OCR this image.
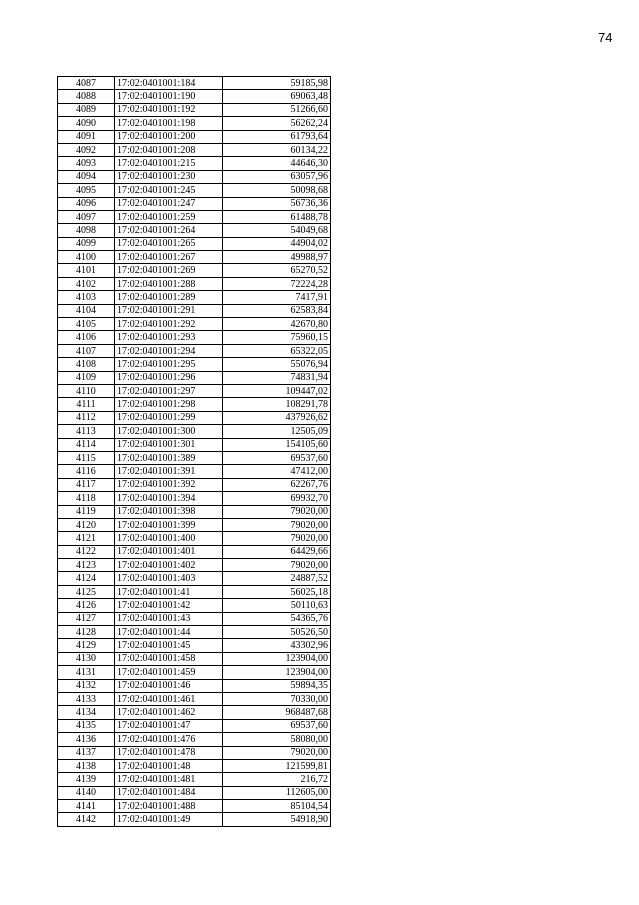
74
4087	17:02:0401001:184	59185,98
4088	17:02:0401001:190	69063,48
4089	17:02:0401001:192	51266,60
4090	17:02:0401001:198	56262,24
4091	17:02:0401001:200	61793,64
4092	17:02:0401001:208	60134,22
4093	17:02:0401001:215	44646,30
4094	17:02:0401001:230	63057,96
4095	17:02:0401001:245	50098,68
4096	17:02:0401001:247	56736,36
4097	17:02:0401001:259	61488,78
4098	17:02:0401001:264	54049,68
4099	17:02:0401001:265	44904,02
4100	17:02:0401001:267	49988,97
4101	17:02:0401001:269	65270,52
4102	17:02:0401001:288	72224,28
4103	17:02:0401001:289	7417,91
4104	17:02:0401001:291	62583,84
4105	17:02:0401001:292	42670,80
4106	17:02:0401001:293	75960,15
4107	17:02:0401001:294	65322,05
4108	17:02:0401001:295	55076,94
4109	17:02:0401001:296	74831,94
4110	17:02:0401001:297	109447,02
4111	17:02:0401001:298	108291,78
4112	17:02:0401001:299	437926,62
4113	17:02:0401001:300	12505,09
4114	17:02:0401001:301	154105,60
4115	17:02:0401001:389	69537,60
4116	17:02:0401001:391	47412,00
4117	17:02:0401001:392	62267,76
4118	17:02:0401001:394	69932,70
4119	17:02:0401001:398	79020,00
4120	17:02:0401001:399	79020,00
4121	17:02:0401001:400	79020,00
4122	17:02:0401001:401	64429,66
4123	17:02:0401001:402	79020,00
4124	17:02:0401001:403	24887,52
4125	17:02:0401001:41	56025,18
4126	17:02:0401001:42	50110,63
4127	17:02:0401001:43	54365,76
4128	17:02:0401001:44	50526,50
4129	17:02:0401001:45	43302,96
4130	17:02:0401001:458	123904,00
4131	17:02:0401001:459	123904,00
4132	17:02:0401001:46	59894,35
4133	17:02:0401001:461	70330,00
4134	17:02:0401001:462	968487,68
4135	17:02:0401001:47	69537,60
4136	17:02:0401001:476	58080,00
4137	17:02:0401001:478	79020,00
4138	17:02:0401001:48	121599,81
4139	17:02:0401001:481	216,72
4140	17:02:0401001:484	112605,00
4141	17:02:0401001:488	85104,54
4142	17:02:0401001:49	54918,90
